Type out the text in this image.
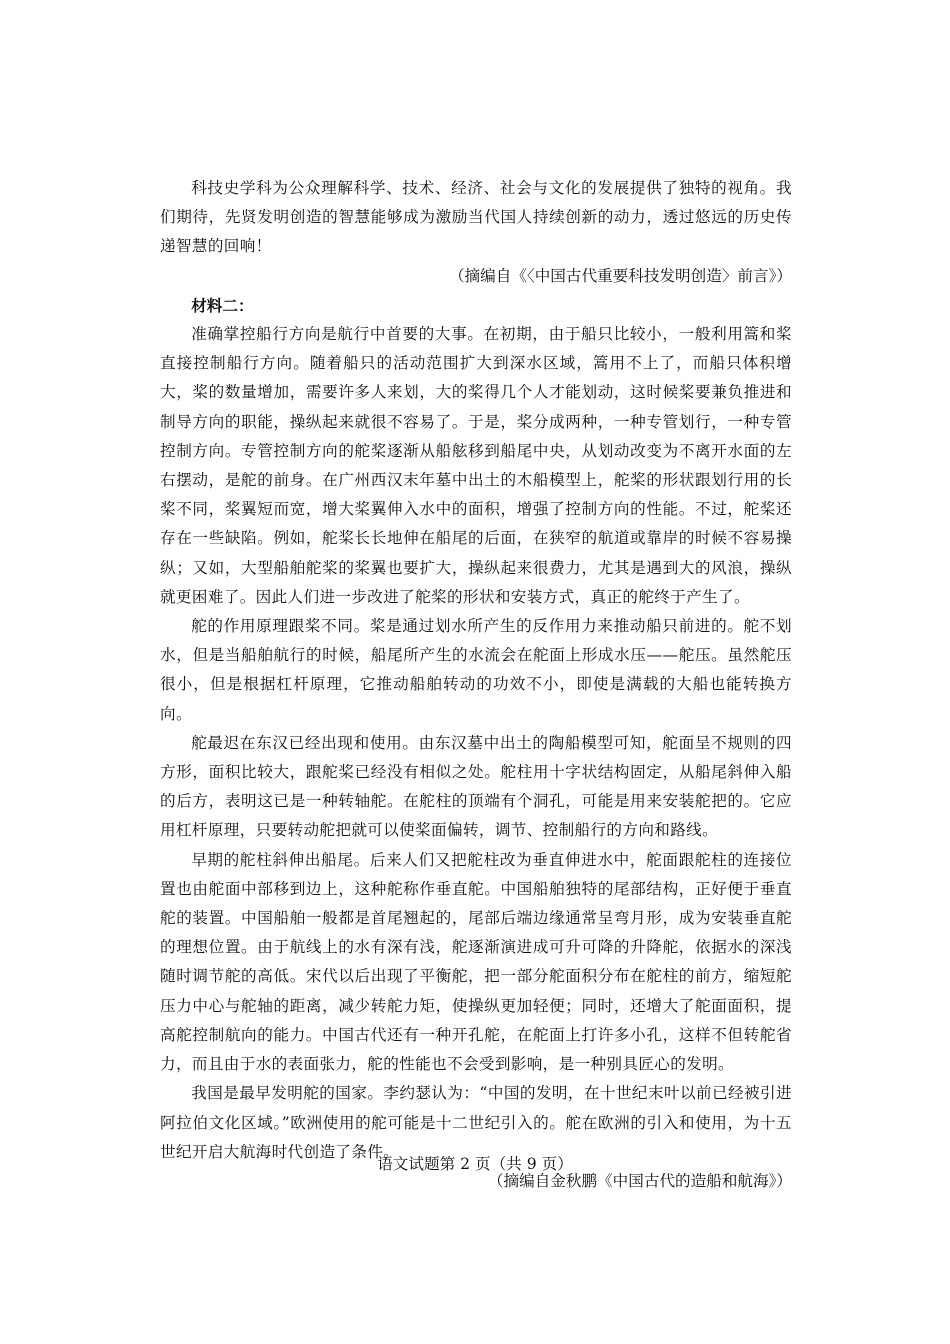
科技史学科为公众理解科学、技术、经济、社会与文化的发展提供了独特的视角。我们期待，先贤发明创造的智慧能够成为激励当代国人持续创新的动力，透过悠远的历史传递智慧的回响！

（摘编自《〈中国古代重要科技发明创造〉前言》）

材料二：

准确掌控船行方向是航行中首要的大事。在初期，由于船只比较小，一般利用篙和桨直接控制船行方向。随着船只的活动范围扩大到深水区域，篙用不上了，而船只体积增大，桨的数量增加，需要许多人来划，大的桨得几个人才能划动，这时候桨要兼负推进和制导方向的职能，操纵起来就很不容易了。于是，桨分成两种，一种专管划行，一种专管控制方向。专管控制方向的舵桨逐渐从船舷移到船尾中央，从划动改变为不离开水面的左右摆动，是舵的前身。在广州西汉末年墓中出土的木船模型上，舵桨的形状跟划行用的长桨不同，桨翼短而宽，增大桨翼伸入水中的面积，增强了控制方向的性能。不过，舵桨还存在一些缺陷。例如，舵桨长长地伸在船尾的后面，在狭窄的航道或靠岸的时候不容易操纵；又如，大型船舶舵桨的桨翼也要扩大，操纵起来很费力，尤其是遇到大的风浪，操纵就更困难了。因此人们进一步改进了舵桨的形状和安装方式，真正的舵终于产生了。

舵的作用原理跟桨不同。桨是通过划水所产生的反作用力来推动船只前进的。舵不划水，但是当船舶航行的时候，船尾所产生的水流会在舵面上形成水压——舵压。虽然舵压很小，但是根据杠杆原理，它推动船舶转动的功效不小，即使是满载的大船也能转换方向。

舵最迟在东汉已经出现和使用。由东汉墓中出土的陶船模型可知，舵面呈不规则的四方形，面积比较大，跟舵桨已经没有相似之处。舵柱用十字状结构固定，从船尾斜伸入船的后方，表明这已是一种转轴舵。在舵柱的顶端有个洞孔，可能是用来安装舵把的。它应用杠杆原理，只要转动舵把就可以使桨面偏转，调节、控制船行的方向和路线。

早期的舵柱斜伸出船尾。后来人们又把舵柱改为垂直伸进水中，舵面跟舵柱的连接位置也由舵面中部移到边上，这种舵称作垂直舵。中国船舶独特的尾部结构，正好便于垂直舵的装置。中国船舶一般都是首尾翘起的，尾部后端边缘通常呈弯月形，成为安装垂直舵的理想位置。由于航线上的水有深有浅，舵逐渐演进成可升可降的升降舵，依据水的深浅随时调节舵的高低。宋代以后出现了平衡舵，把一部分舵面积分布在舵柱的前方，缩短舵压力中心与舵轴的距离，减少转舵力矩，使操纵更加轻便；同时，还增大了舵面面积，提高舵控制航向的能力。中国古代还有一种开孔舵，在舵面上打许多小孔，这样不但转舵省力，而且由于水的表面张力，舵的性能也不会受到影响，是一种别具匠心的发明。

我国是最早发明舵的国家。李约瑟认为：“中国的发明，在十世纪末叶以前已经被引进阿拉伯文化区域。”欧洲使用的舵可能是十二世纪引入的。舵在欧洲的引入和使用，为十五世纪开启大航海时代创造了条件。

（摘编自金秋鹏《中国古代的造船和航海》）

语文试题第 2 页（共 9 页）
